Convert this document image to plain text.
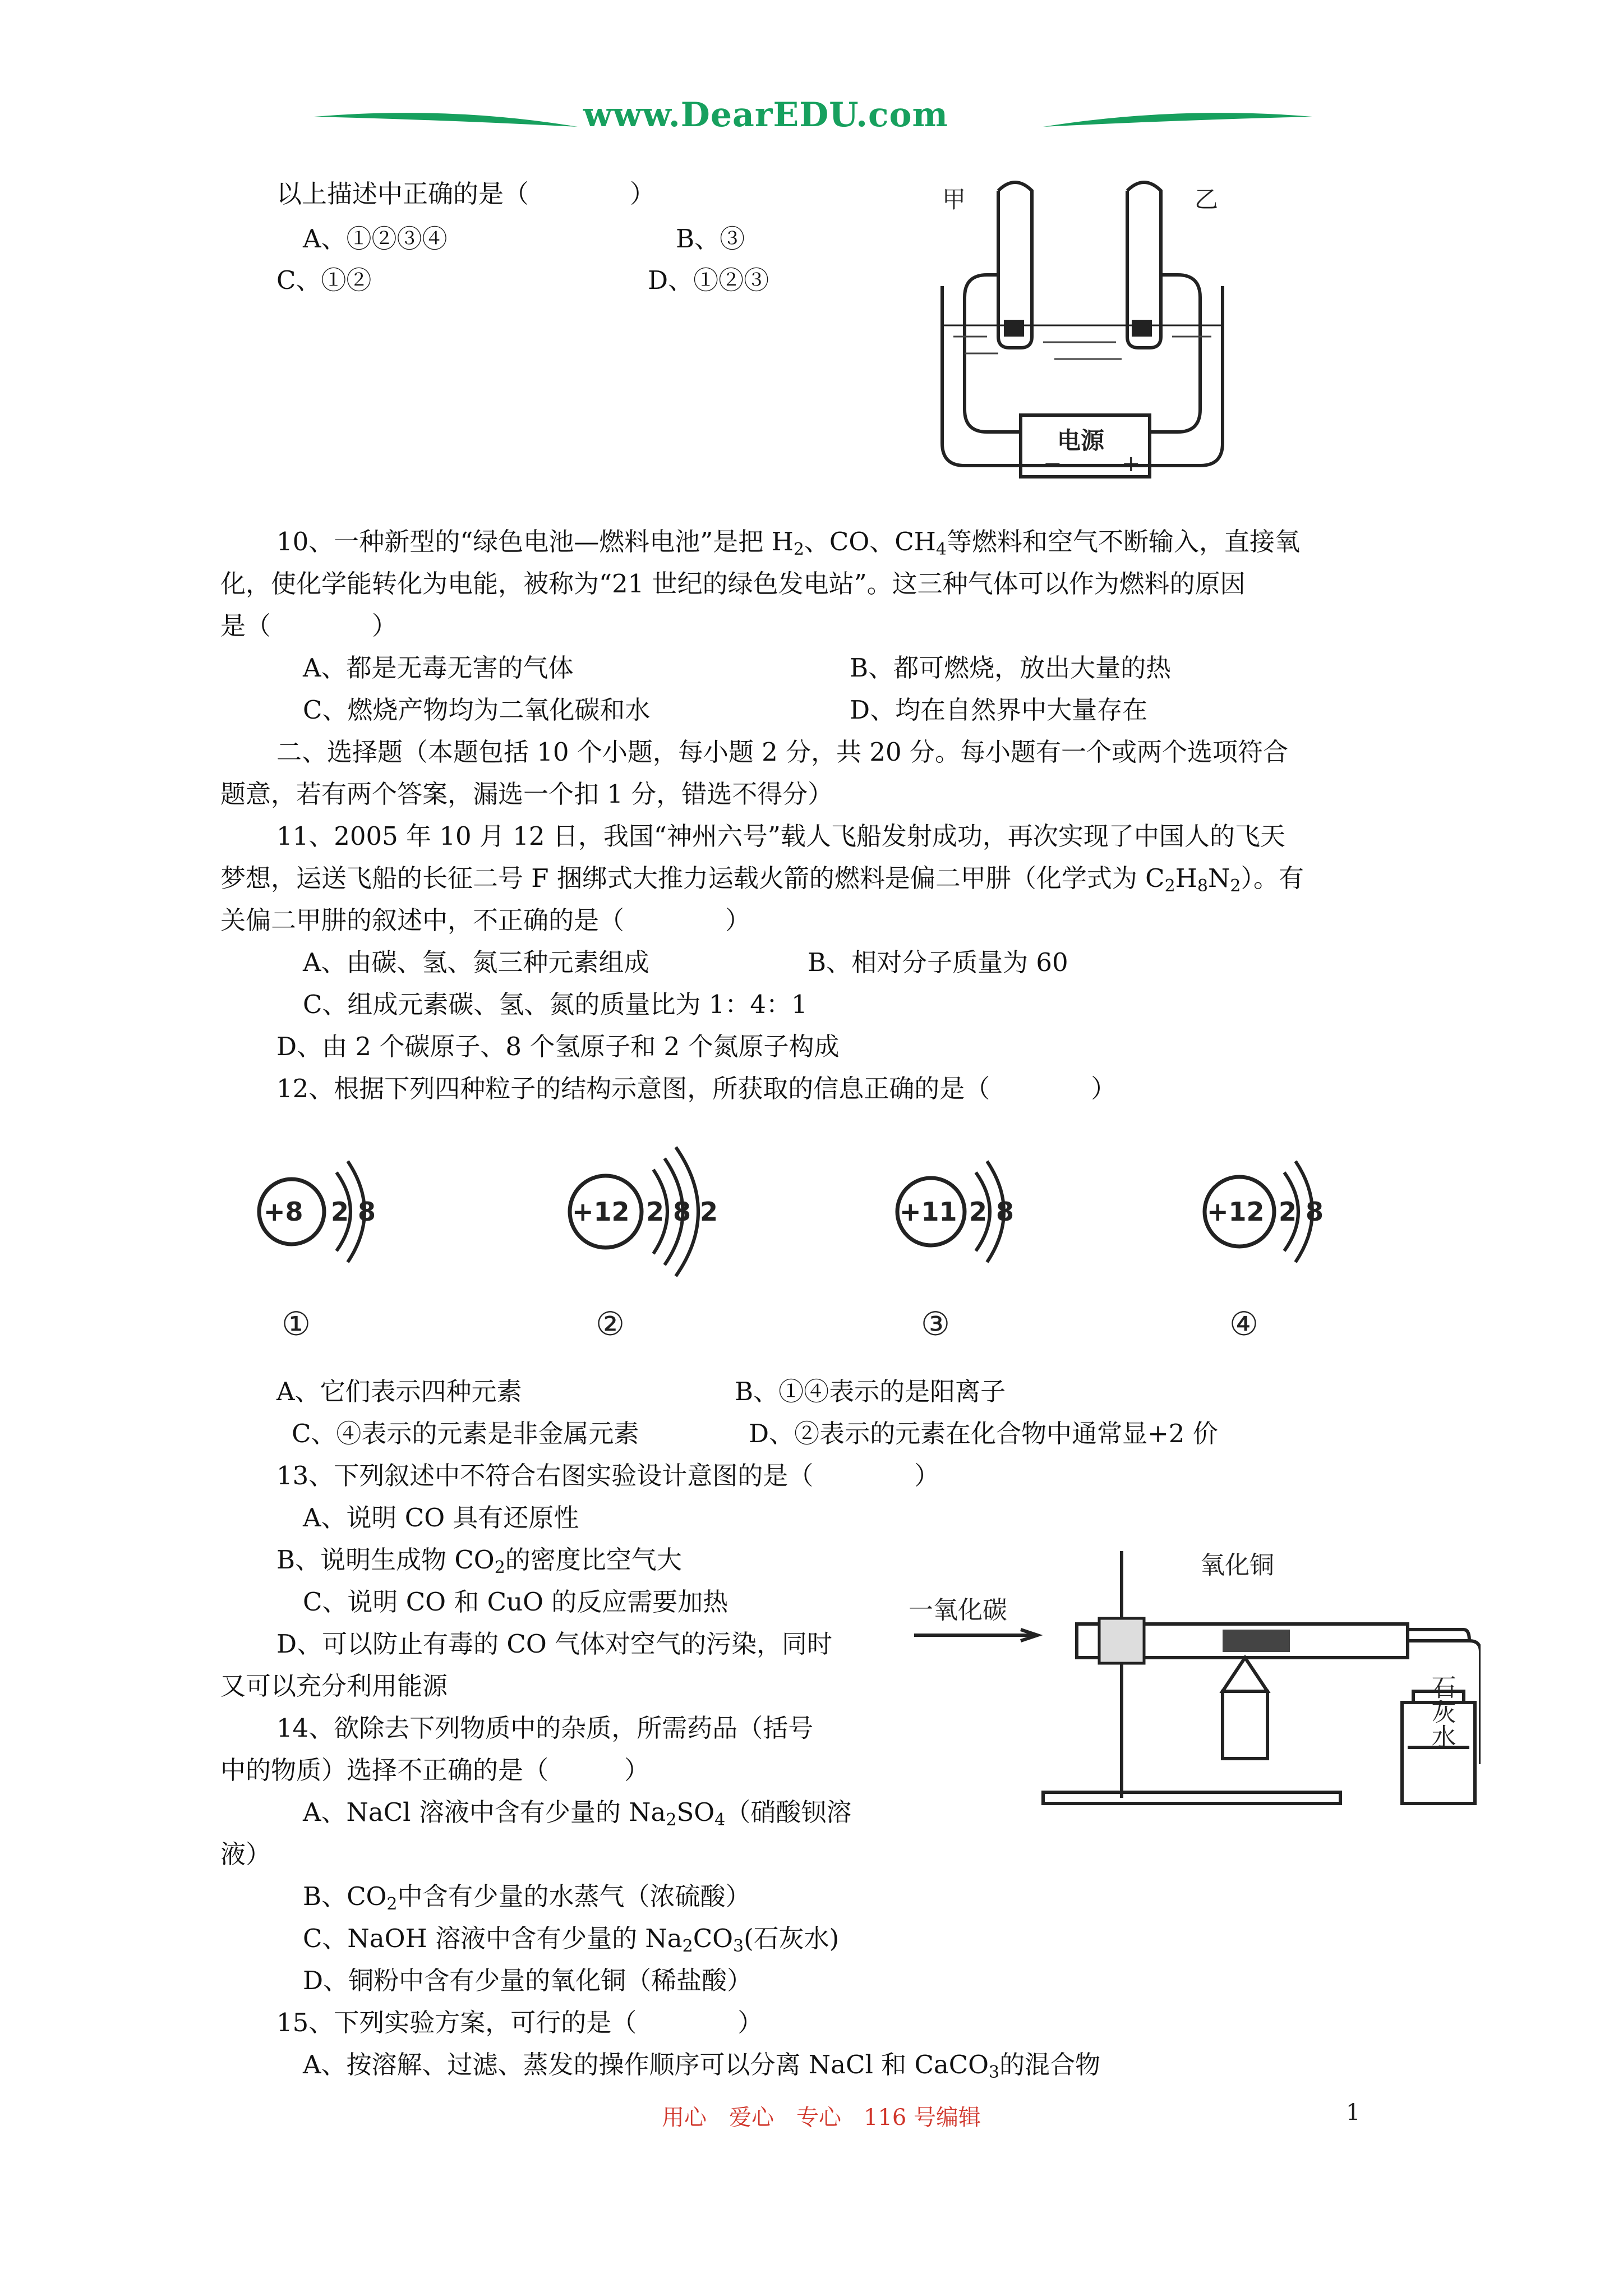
www.DearEDU.com
以上描述中正确的是（　　　　）
A、①②③④	B、③
C、①②	D、①②③
甲	乙
电源
−	+
10、一种新型的“绿色电池—燃料电池”是把 $H_2$、CO、$CH_4$等燃料和空气不断输入，直接氧
化，使化学能转化为电能，被称为“21 世纪的绿色发电站”。这三种气体可以作为燃料的原因
是（　　　　）
A、都是无毒无害的气体	B、都可燃烧，放出大量的热
C、燃烧产物均为二氧化碳和水	D、均在自然界中大量存在
二、选择题（本题包括 10 个小题，每小题 2 分，共 20 分。每小题有一个或两个选项符合
题意，若有两个答案，漏选一个扣 1 分，错选不得分）
11、2005 年 10 月 12 日，我国“神州六号”载人飞船发射成功，再次实现了中国人的飞天
梦想，运送飞船的长征二号 F 捆绑式大推力运载火箭的燃料是偏二甲肼（化学式为 $C_2H_8N_2$）。有
关偏二甲肼的叙述中，不正确的是（　　　　）
A、由碳、氢、氮三种元素组成	B、相对分子质量为 60
C、组成元素碳、氢、氮的质量比为 1：4：1
D、由 2 个碳原子、8 个氢原子和 2 个氮原子构成
12、根据下列四种粒子的结构示意图，所获取的信息正确的是（　　　　）
+8 2 8
①
+12 2 8 2
②
+11 2 8
③
+12 2 8
④
A、它们表示四种元素	B、①④表示的是阳离子
C、④表示的元素是非金属元素	D、②表示的元素在化合物中通常显+2 价
13、下列叙述中不符合右图实验设计意图的是（　　　　）
A、说明 CO 具有还原性
B、说明生成物 $CO_2$的密度比空气大
C、说明 CO 和 CuO 的反应需要加热
D、可以防止有毒的 CO 气体对空气的污染，同时
又可以充分利用能源
一氧化碳
氧化铜
石灰水
14、欲除去下列物质中的杂质，所需药品（括号
中的物质）选择不正确的是（　　　）
A、NaCl 溶液中含有少量的 $Na_2SO_4$（硝酸钡溶
液）
B、$CO_2$中含有少量的水蒸气（浓硫酸）
C、NaOH 溶液中含有少量的 $Na_2CO_3$(石灰水)
D、铜粉中含有少量的氧化铜（稀盐酸）
15、下列实验方案，可行的是（　　　　）
A、按溶解、过滤、蒸发的操作顺序可以分离 NaCl 和 CaCO$_3$的混合物
用心　爱心　专心　116 号编辑	1
